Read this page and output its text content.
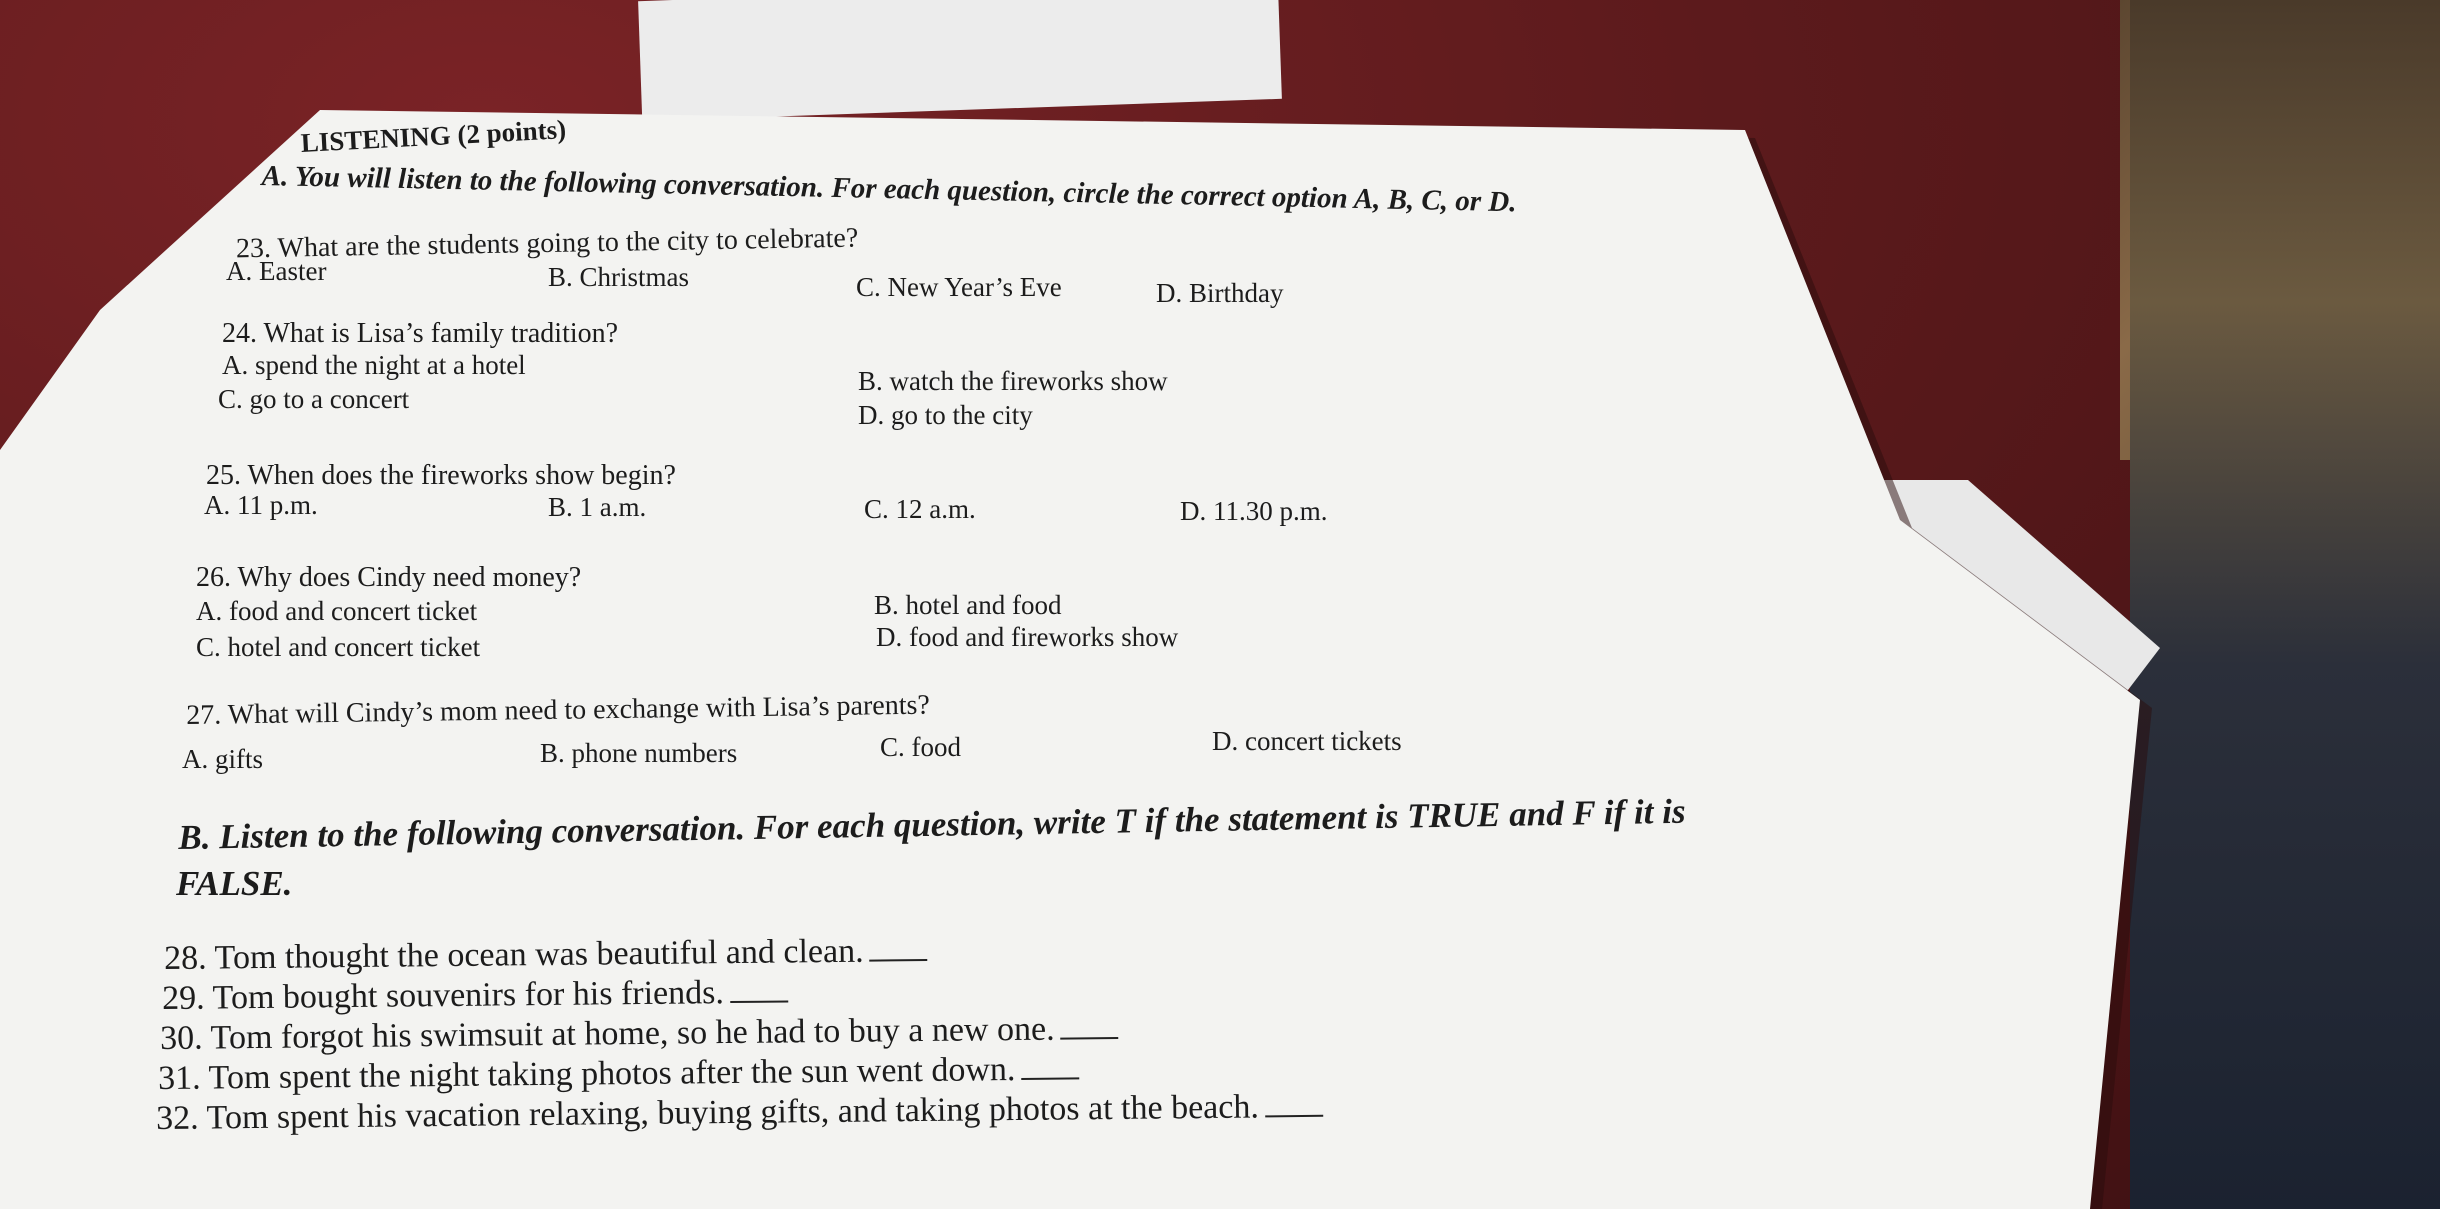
LISTENING (2 points)
A. You will listen to the following conversation. For each question, circle the correct option A, B, C, or D.
23. What are the students going to the city to celebrate?
A. Easter	B. Christmas	C. New Year’s Eve	D. Birthday
24. What is Lisa’s family tradition?
A. spend the night at a hotel
B. watch the fireworks show
C. go to a concert
D. go to the city
25. When does the fireworks show begin?
A. 11 p.m.	B. 1 a.m.	C. 12 a.m.	D. 11.30 p.m.
26. Why does Cindy need money?
A. food and concert ticket	B. hotel and food
C. hotel and concert ticket	D. food and fireworks show
27. What will Cindy’s mom need to exchange with Lisa’s parents?
A. gifts	B. phone numbers	C. food	D. concert tickets
B. Listen to the following conversation. For each question, write T if the statement is TRUE and F if it is
FALSE.
28. Tom thought the ocean was beautiful and clean.
29. Tom bought souvenirs for his friends.
30. Tom forgot his swimsuit at home, so he had to buy a new one.
31. Tom spent the night taking photos after the sun went down.
32. Tom spent his vacation relaxing, buying gifts, and taking photos at the beach.
